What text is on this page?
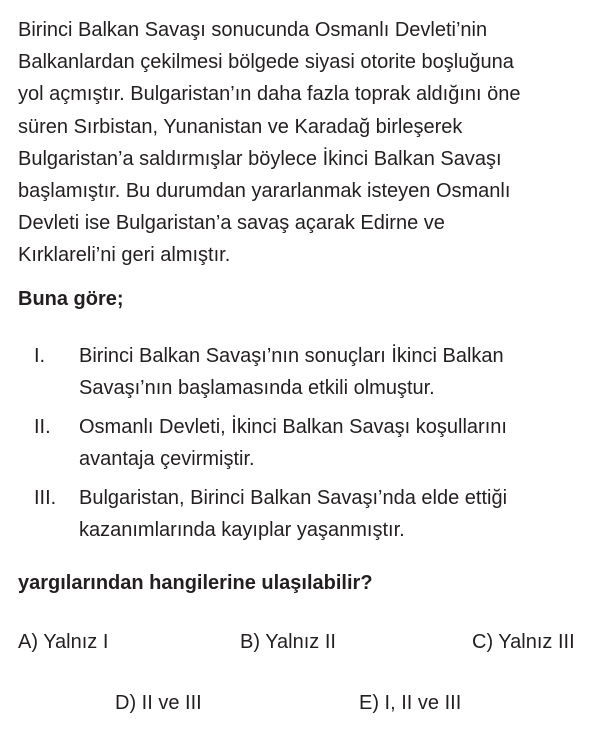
Birinci Balkan Savaşı sonucunda Osmanlı Devleti’nin
Balkanlardan çekilmesi bölgede siyasi otorite boşluğuna
yol açmıştır. Bulgaristan’ın daha fazla toprak aldığını öne
süren Sırbistan, Yunanistan ve Karadağ birleşerek
Bulgaristan’a saldırmışlar böylece İkinci Balkan Savaşı
başlamıştır. Bu durumdan yararlanmak isteyen Osmanlı
Devleti ise Bulgaristan’a savaş açarak Edirne ve
Kırklareli’ni geri almıştır.

Buna göre;

I. Birinci Balkan Savaşı’nın sonuçları İkinci Balkan
Savaşı’nın başlamasında etkili olmuştur.
II. Osmanlı Devleti, İkinci Balkan Savaşı koşullarını
avantaja çevirmiştir.
III. Bulgaristan, Birinci Balkan Savaşı’nda elde ettiği
kazanımlarında kayıplar yaşanmıştır.

yargılarından hangilerine ulaşılabilir?

A) Yalnız I	B) Yalnız II	C) Yalnız III
D) II ve III	E) I, II ve III
